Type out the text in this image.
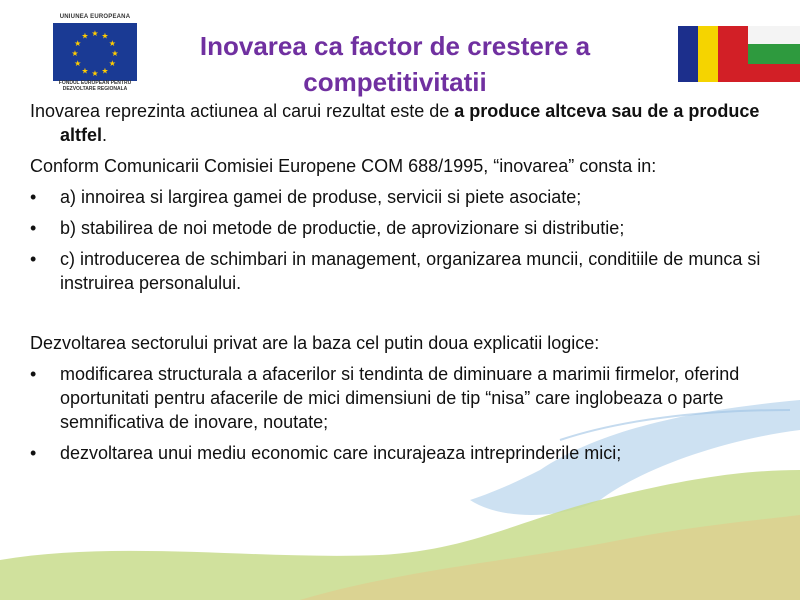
UNIUNEA EUROPEANA
★ ★
★
★
★
★
★
★
★
★
★
★
FONDUL EUROPEAN PENTRU
DEZVOLTARE REGIONALA
Inovarea ca factor de crestere a
competitivitatii

Inovarea reprezinta actiunea al carui rezultat este de a produce altceva sau de a produce altfel.

Conform Comunicarii Comisiei Europene COM 688/1995, “inovarea” consta in:

•	a) innoirea si largirea gamei de produse, servicii si piete asociate;
•	b) stabilirea de noi metode de productie, de aprovizionare si distributie;
•	c) introducerea de schimbari in management, organizarea muncii, conditiile de munca si instruirea personalului.

Dezvoltarea sectorului privat are la baza cel putin doua explicatii logice:

•	modificarea structurala a afacerilor si tendinta de diminuare a marimii firmelor, oferind oportunitati pentru afacerile de mici dimensiuni de tip “nisa” care inglobeaza o parte semnificativa de inovare, noutate;
•	dezvoltarea unui mediu economic care incurajeaza intreprinderile mici;
